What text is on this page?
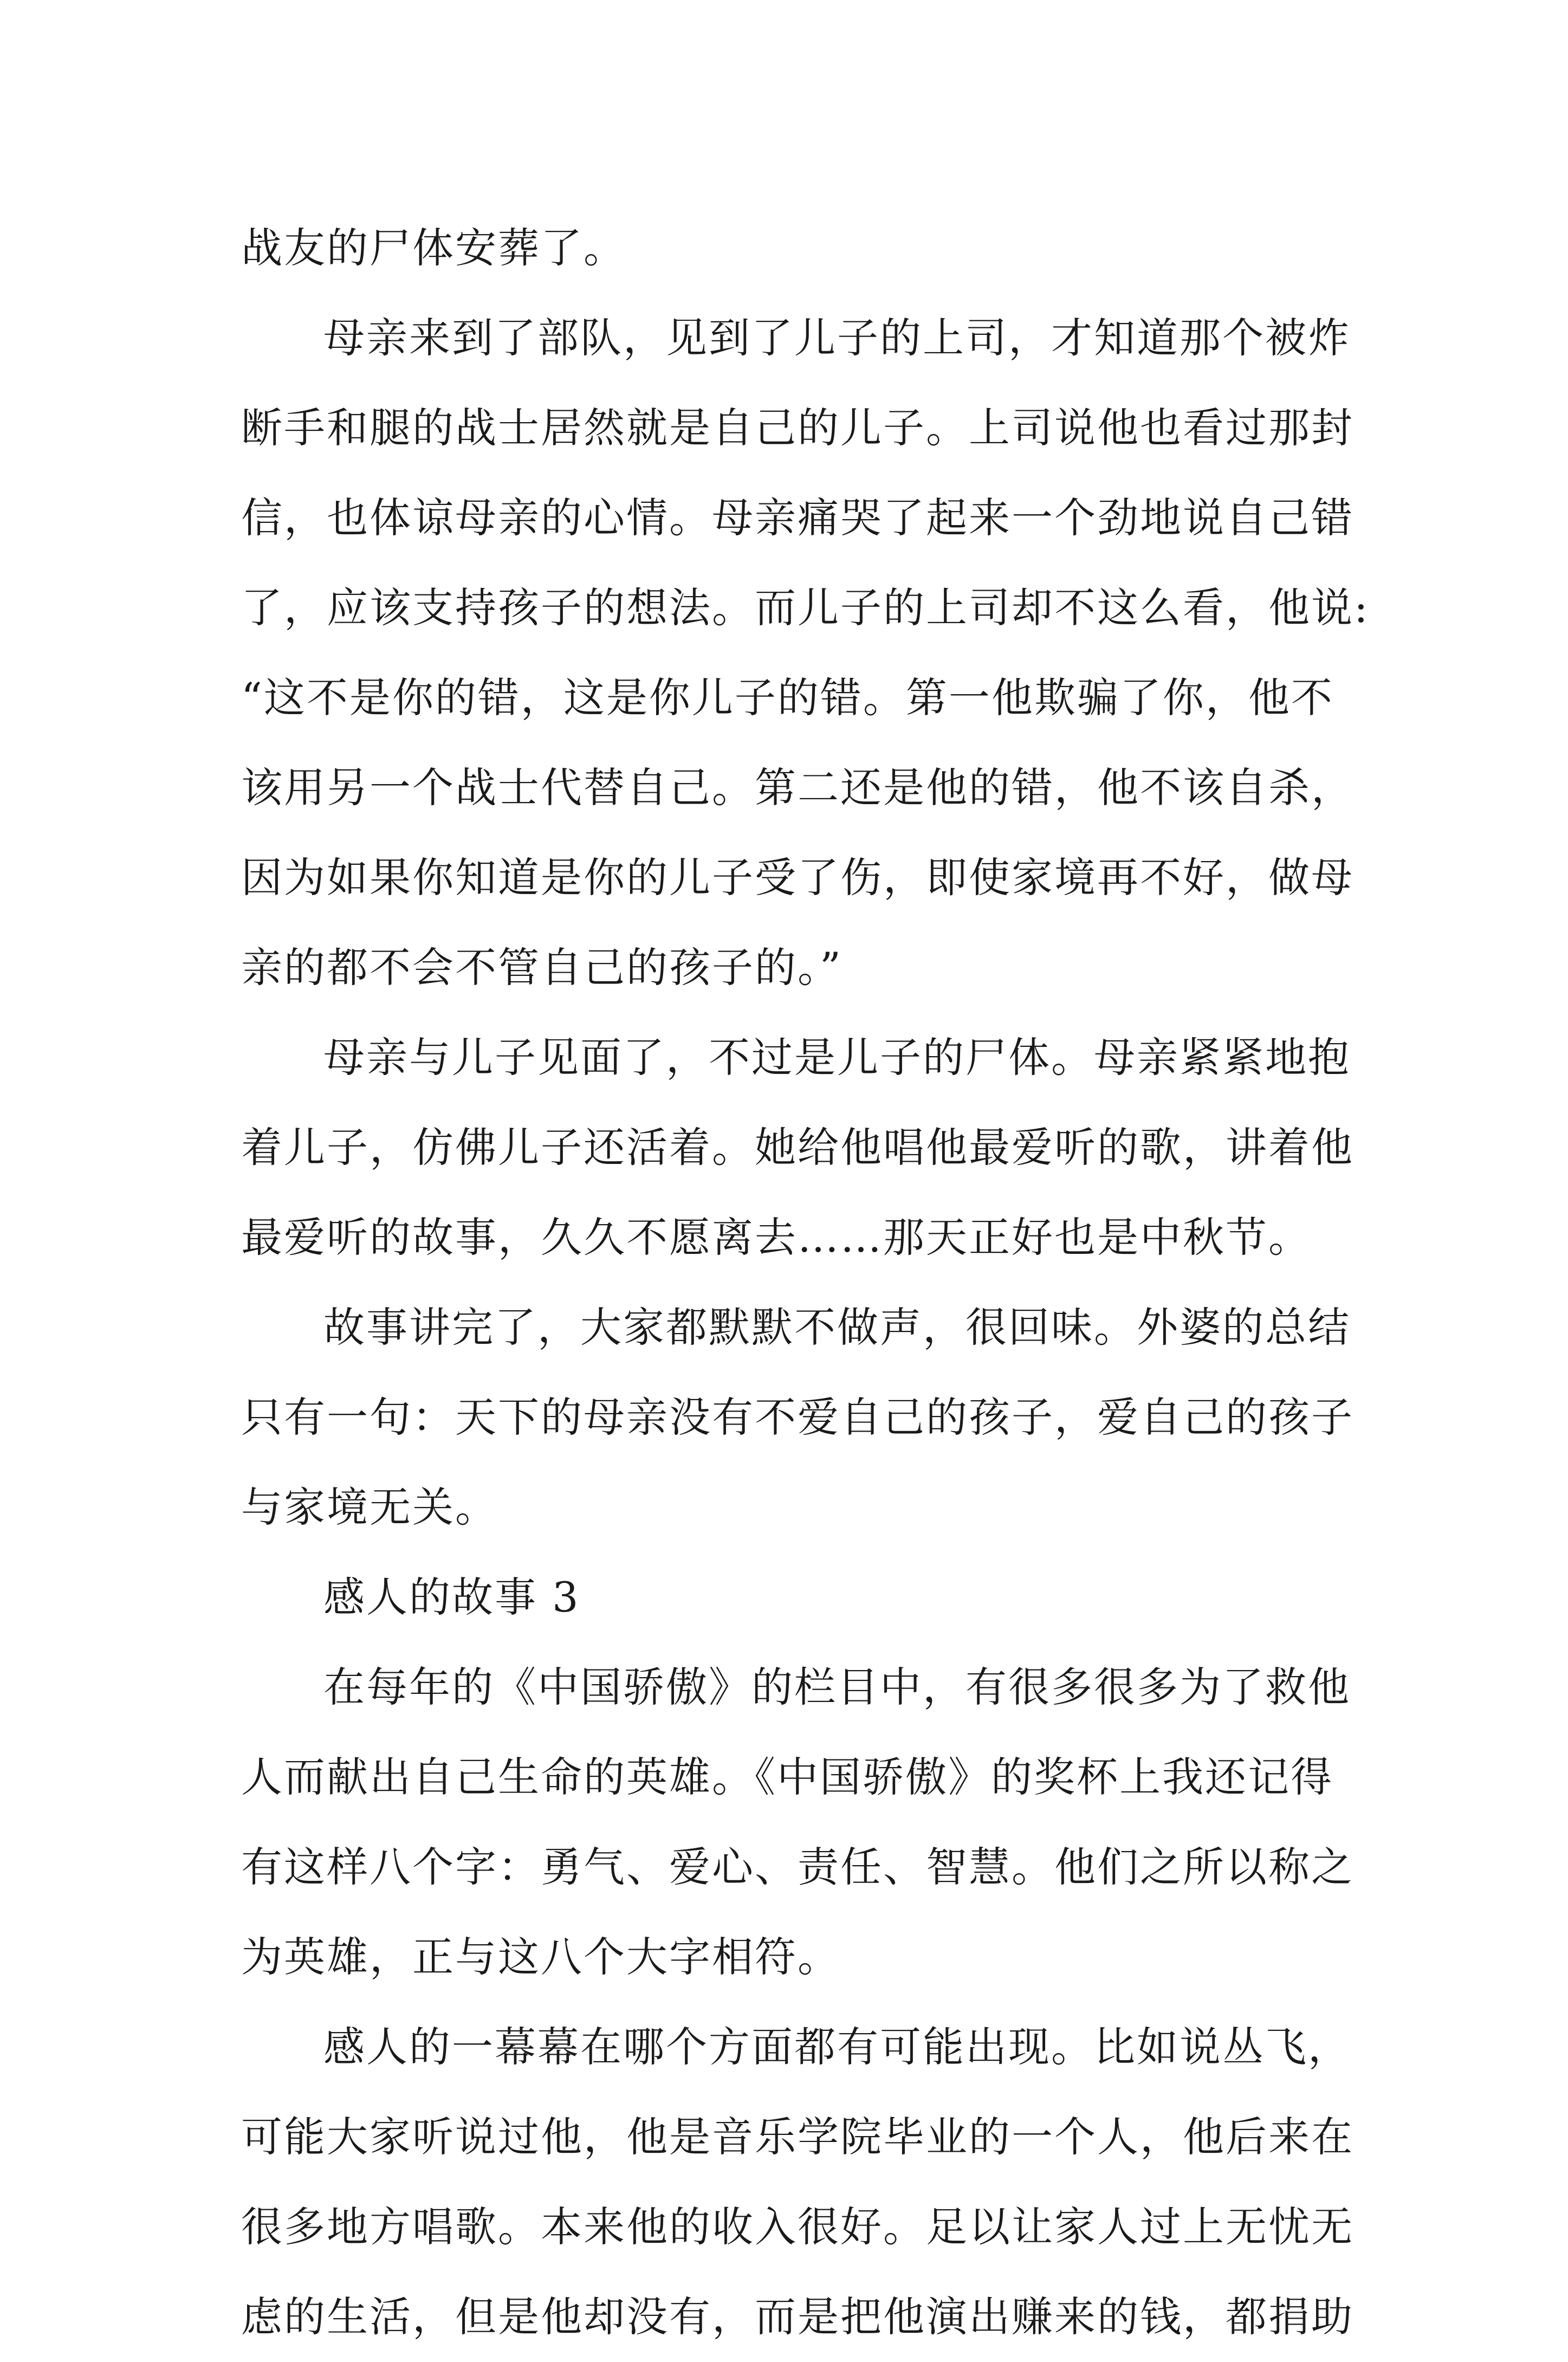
战友的尸体安葬了。
母亲来到了部队，见到了儿子的上司，才知道那个被炸
断手和腿的战士居然就是自己的儿子。上司说他也看过那封
信，也体谅母亲的心情。母亲痛哭了起来一个劲地说自己错
了，应该支持孩子的想法。而儿子的上司却不这么看，他说:
“这不是你的错，这是你儿子的错。第一他欺骗了你，他不
该用另一个战士代替自己。第二还是他的错，他不该自杀，
因为如果你知道是你的儿子受了伤，即使家境再不好，做母
亲的都不会不管自己的孩子的。”
母亲与儿子见面了，不过是儿子的尸体。母亲紧紧地抱
着儿子，仿佛儿子还活着。她给他唱他最爱听的歌，讲着他
最爱听的故事，久久不愿离去……那天正好也是中秋节。
故事讲完了，大家都默默不做声，很回味。外婆的总结
只有一句：天下的母亲没有不爱自己的孩子，爱自己的孩子
与家境无关。
感人的故事 3
在每年的《中国骄傲》的栏目中，有很多很多为了救他
人而献出自己生命的英雄。《中国骄傲》的奖杯上我还记得
有这样八个字：勇气、爱心、责任、智慧。他们之所以称之
为英雄，正与这八个大字相符。
感人的一幕幕在哪个方面都有可能出现。比如说丛飞，
可能大家听说过他，他是音乐学院毕业的一个人，他后来在
很多地方唱歌。本来他的收入很好。足以让家人过上无忧无
虑的生活，但是他却没有，而是把他演出赚来的钱，都捐助
